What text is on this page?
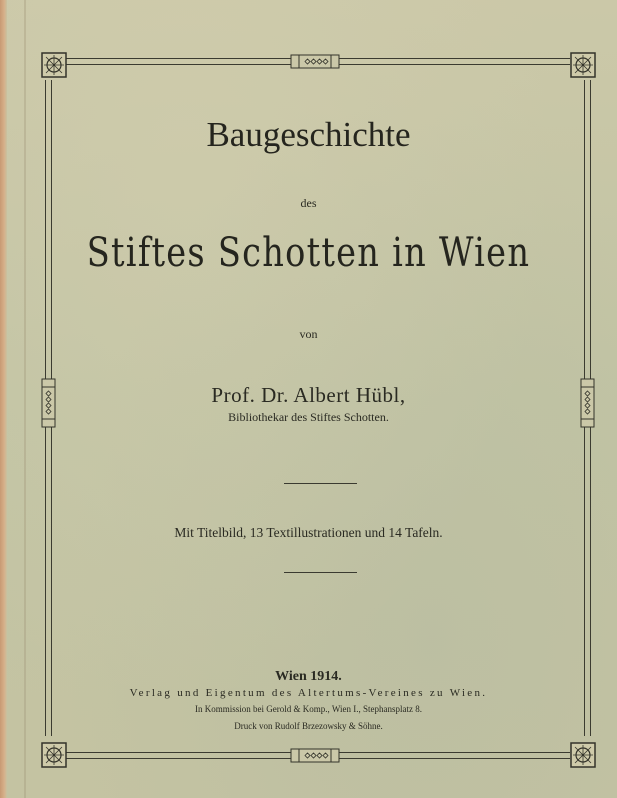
Baugeschichte
des
Stiftes Schotten in Wien
von
Prof. Dr. Albert Hübl,
Bibliothekar des Stiftes Schotten.
Mit Titelbild, 13 Textillustrationen und 14 Tafeln.
Wien 1914.
Verlag und Eigentum des Altertums-Vereines zu Wien.
In Kommission bei Gerold & Komp., Wien I., Stephansplatz 8.
Druck von Rudolf Brzezowsky & Söhne.
